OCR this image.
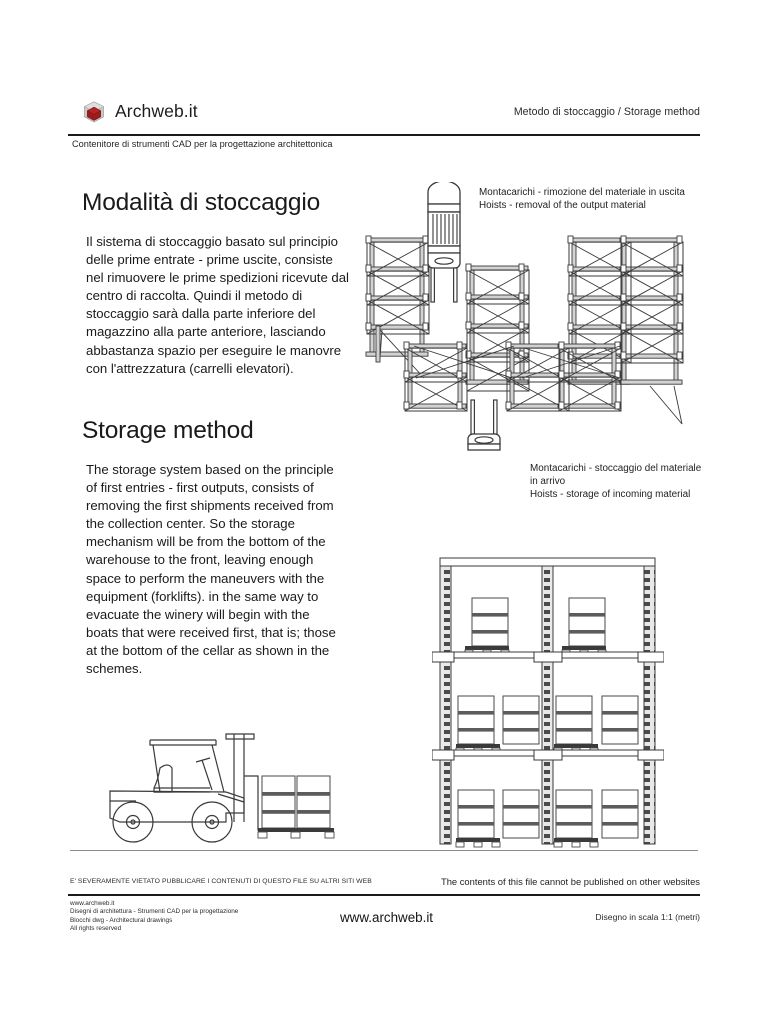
Archweb.it	Metodo di stoccaggio / Storage method
Contenitore di strumenti CAD per la progettazione architettonica
Modalità di stoccaggio

Il sistema di stoccaggio basato sul principio delle prime entrate - prime uscite, consiste nel rimuovere le prime spedizioni ricevute dal centro di raccolta. Quindi il metodo di stoccaggio sarà dalla parte inferiore del magazzino alla parte anteriore, lasciando abbastanza spazio per eseguire le manovre con l'attrezzatura (carrelli elevatori).

Storage method

The storage system based on the principle of first entries - first outputs, consists of removing the first shipments received from the collection center. So the storage mechanism will be from the bottom of the warehouse to the front, leaving enough space to perform the maneuvers with the equipment (forklifts). in the same way to evacuate the winery will begin with the boats that were received first, that is; those at the bottom of the cellar as shown in the schemes.

Montacarichi - rimozione del materiale in uscita
Hoists - removal of the output material
Montacarichi - stoccaggio del materiale in arrivo
Hoists - storage of incoming material
E' SEVERAMENTE VIETATO PUBBLICARE I CONTENUTI DI QUESTO FILE SU ALTRI SITI WEB	The contents of this file cannot be published on other websites
www.archweb.it
Disegni di architettura - Strumenti CAD per la progettazione
Blocchi dwg - Architectural drawings
All rights reserved
www.archweb.it	Disegno in scala 1:1 (metri)
